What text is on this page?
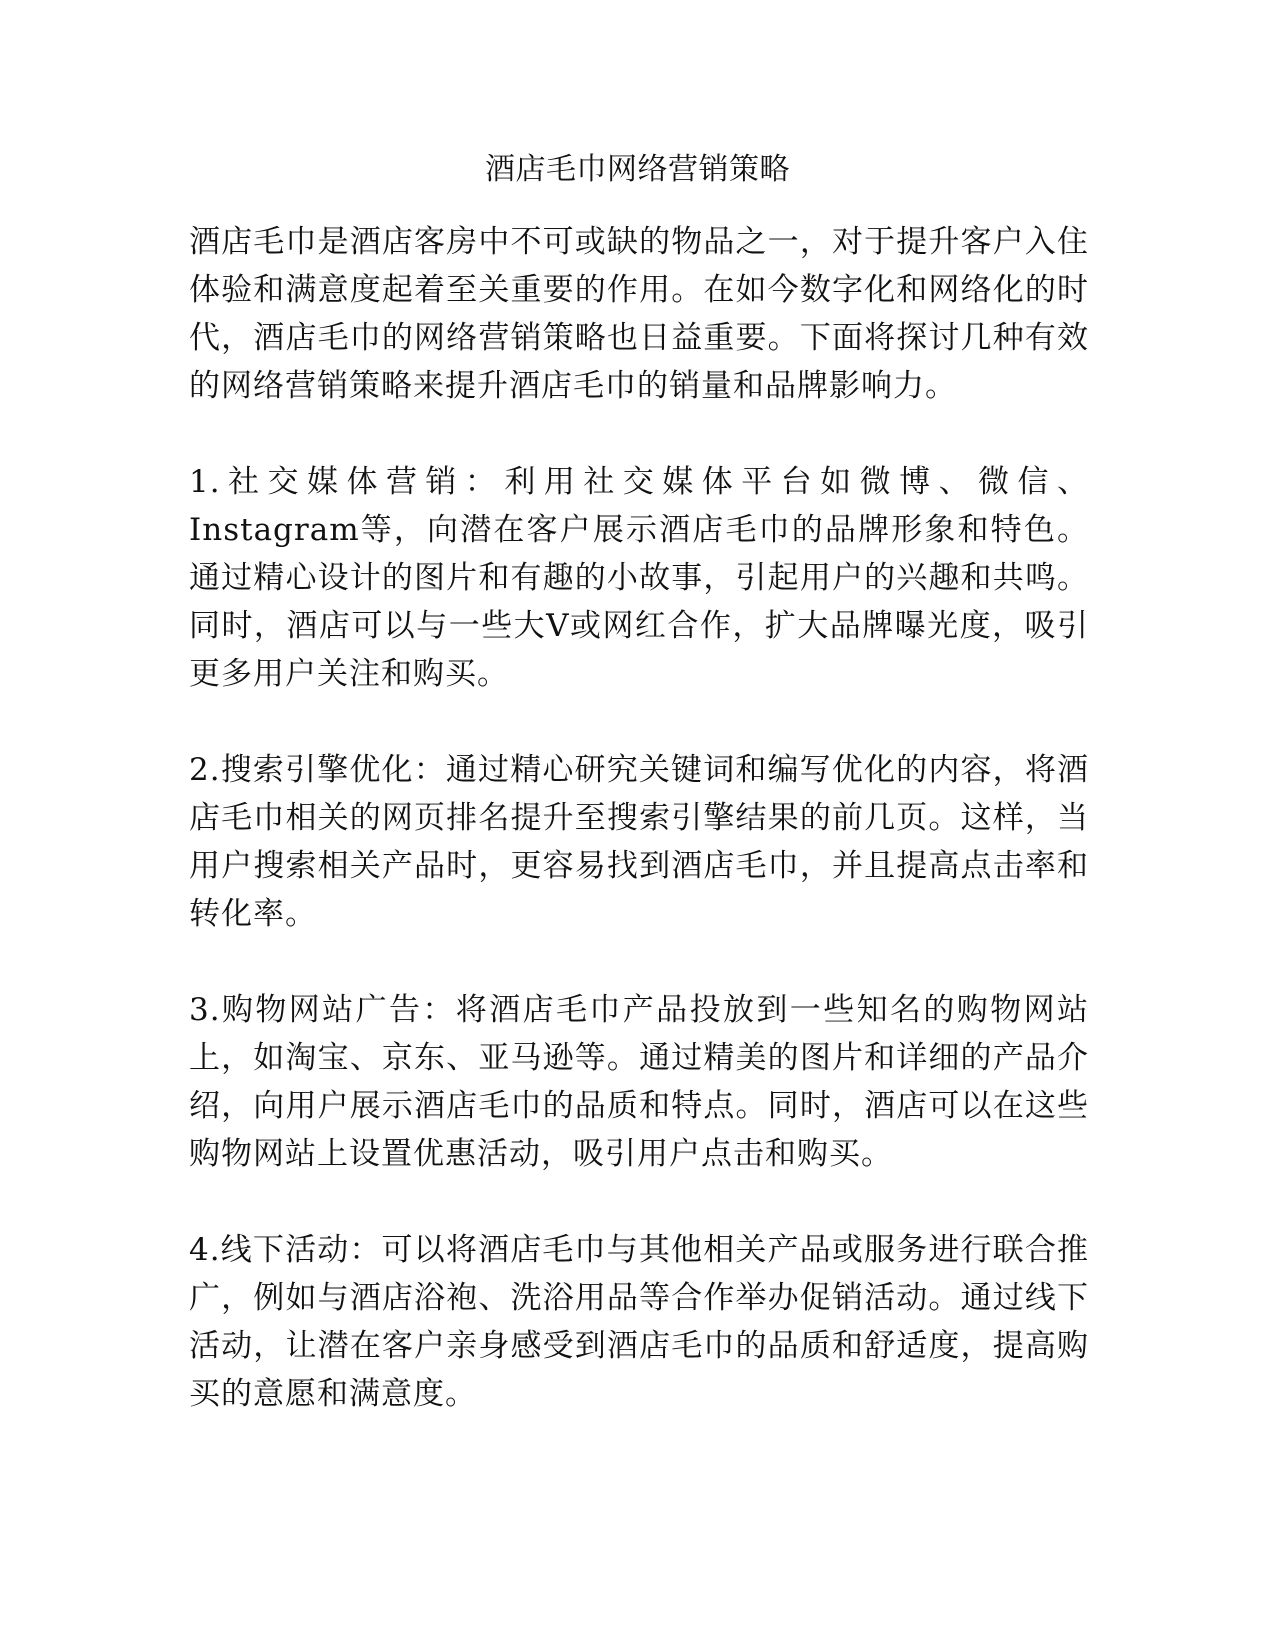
酒店毛巾网络营销策略

酒店毛巾是酒店客房中不可或缺的物品之一，对于提升客户入住体验和满意度起着至关重要的作用。在如今数字化和网络化的时代，酒店毛巾的网络营销策略也日益重要。下面将探讨几种有效的网络营销策略来提升酒店毛巾的销量和品牌影响力。

1.社交媒体营销：利用社交媒体平台如微博、微信、Instagram等，向潜在客户展示酒店毛巾的品牌形象和特色。通过精心设计的图片和有趣的小故事，引起用户的兴趣和共鸣。同时，酒店可以与一些大V或网红合作，扩大品牌曝光度，吸引更多用户关注和购买。

2.搜索引擎优化：通过精心研究关键词和编写优化的内容，将酒店毛巾相关的网页排名提升至搜索引擎结果的前几页。这样，当用户搜索相关产品时，更容易找到酒店毛巾，并且提高点击率和转化率。

3.购物网站广告：将酒店毛巾产品投放到一些知名的购物网站上，如淘宝、京东、亚马逊等。通过精美的图片和详细的产品介绍，向用户展示酒店毛巾的品质和特点。同时，酒店可以在这些购物网站上设置优惠活动，吸引用户点击和购买。

4.线下活动：可以将酒店毛巾与其他相关产品或服务进行联合推广，例如与酒店浴袍、洗浴用品等合作举办促销活动。通过线下活动，让潜在客户亲身感受到酒店毛巾的品质和舒适度，提高购买的意愿和满意度。
